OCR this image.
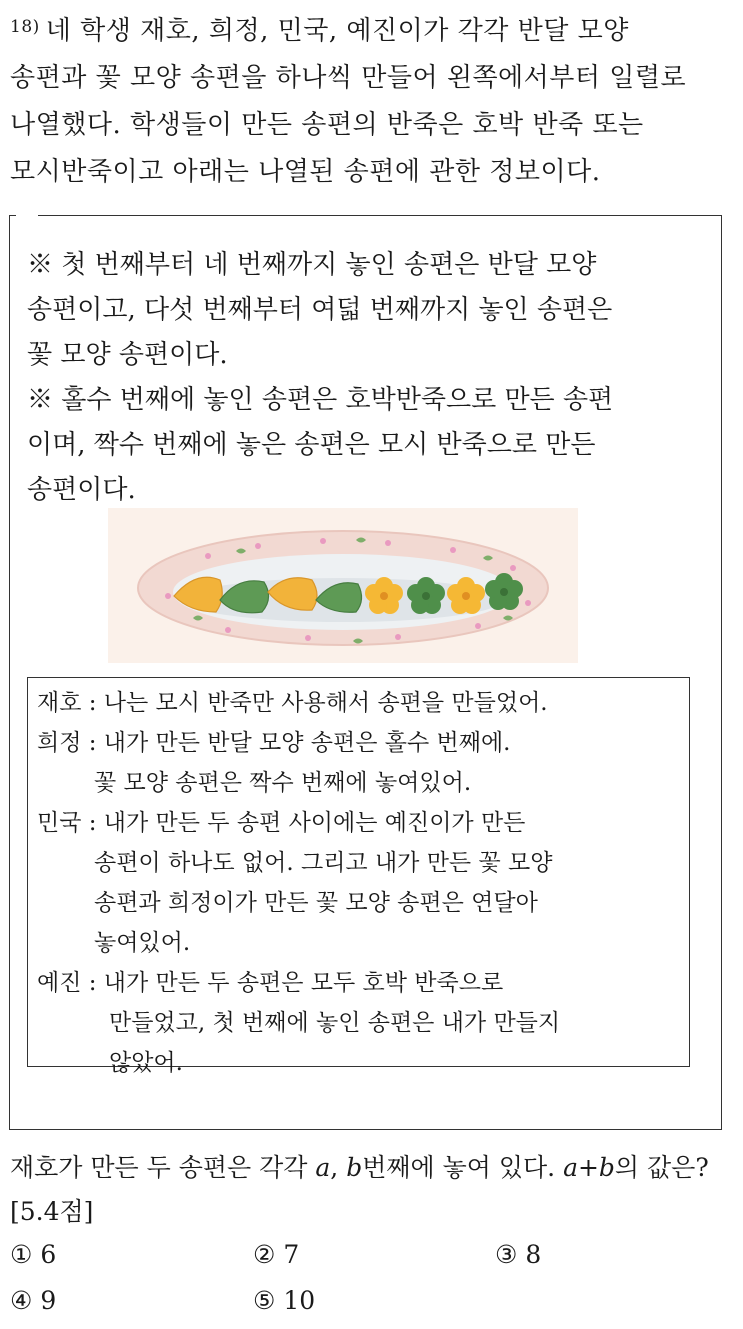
$^{18)}$ 네 학생 재호, 희정, 민국, 예진이가 각각 반달 모양
송편과 꽃 모양 송편을 하나씩 만들어 왼쪽에서부터 일렬로
나열했다. 학생들이 만든 송편의 반죽은 호박 반죽 또는
모시반죽이고 아래는 나열된 송편에 관한 정보이다.
※ 첫 번째부터 네 번째까지 놓인 송편은 반달 모양
송편이고, 다섯 번째부터 여덟 번째까지 놓인 송편은
꽃 모양 송편이다.
※ 홀수 번째에 놓인 송편은 호박반죽으로 만든 송편
이며, 짝수 번째에 놓은 송편은 모시 반죽으로 만든
송편이다.
재호 : 나는 모시 반죽만 사용해서 송편을 만들었어.
희정 : 내가 만든 반달 모양 송편은 홀수 번째에.
꽃 모양 송편은 짝수 번째에 놓여있어.
민국 : 내가 만든 두 송편 사이에는 예진이가 만든
송편이 하나도 없어. 그리고 내가 만든 꽃 모양
송편과 희정이가 만든 꽃 모양 송편은 연달아
놓여있어.
예진 : 내가 만든 두 송편은 모두 호박 반죽으로
만들었고, 첫 번째에 놓인 송편은 내가 만들지
않았어.
재호가 만든 두 송편은 각각 a, b번째에 놓여 있다. a+b의 값은?
[5.4점]
① 6	② 7	③ 8
④ 9	⑤ 10
